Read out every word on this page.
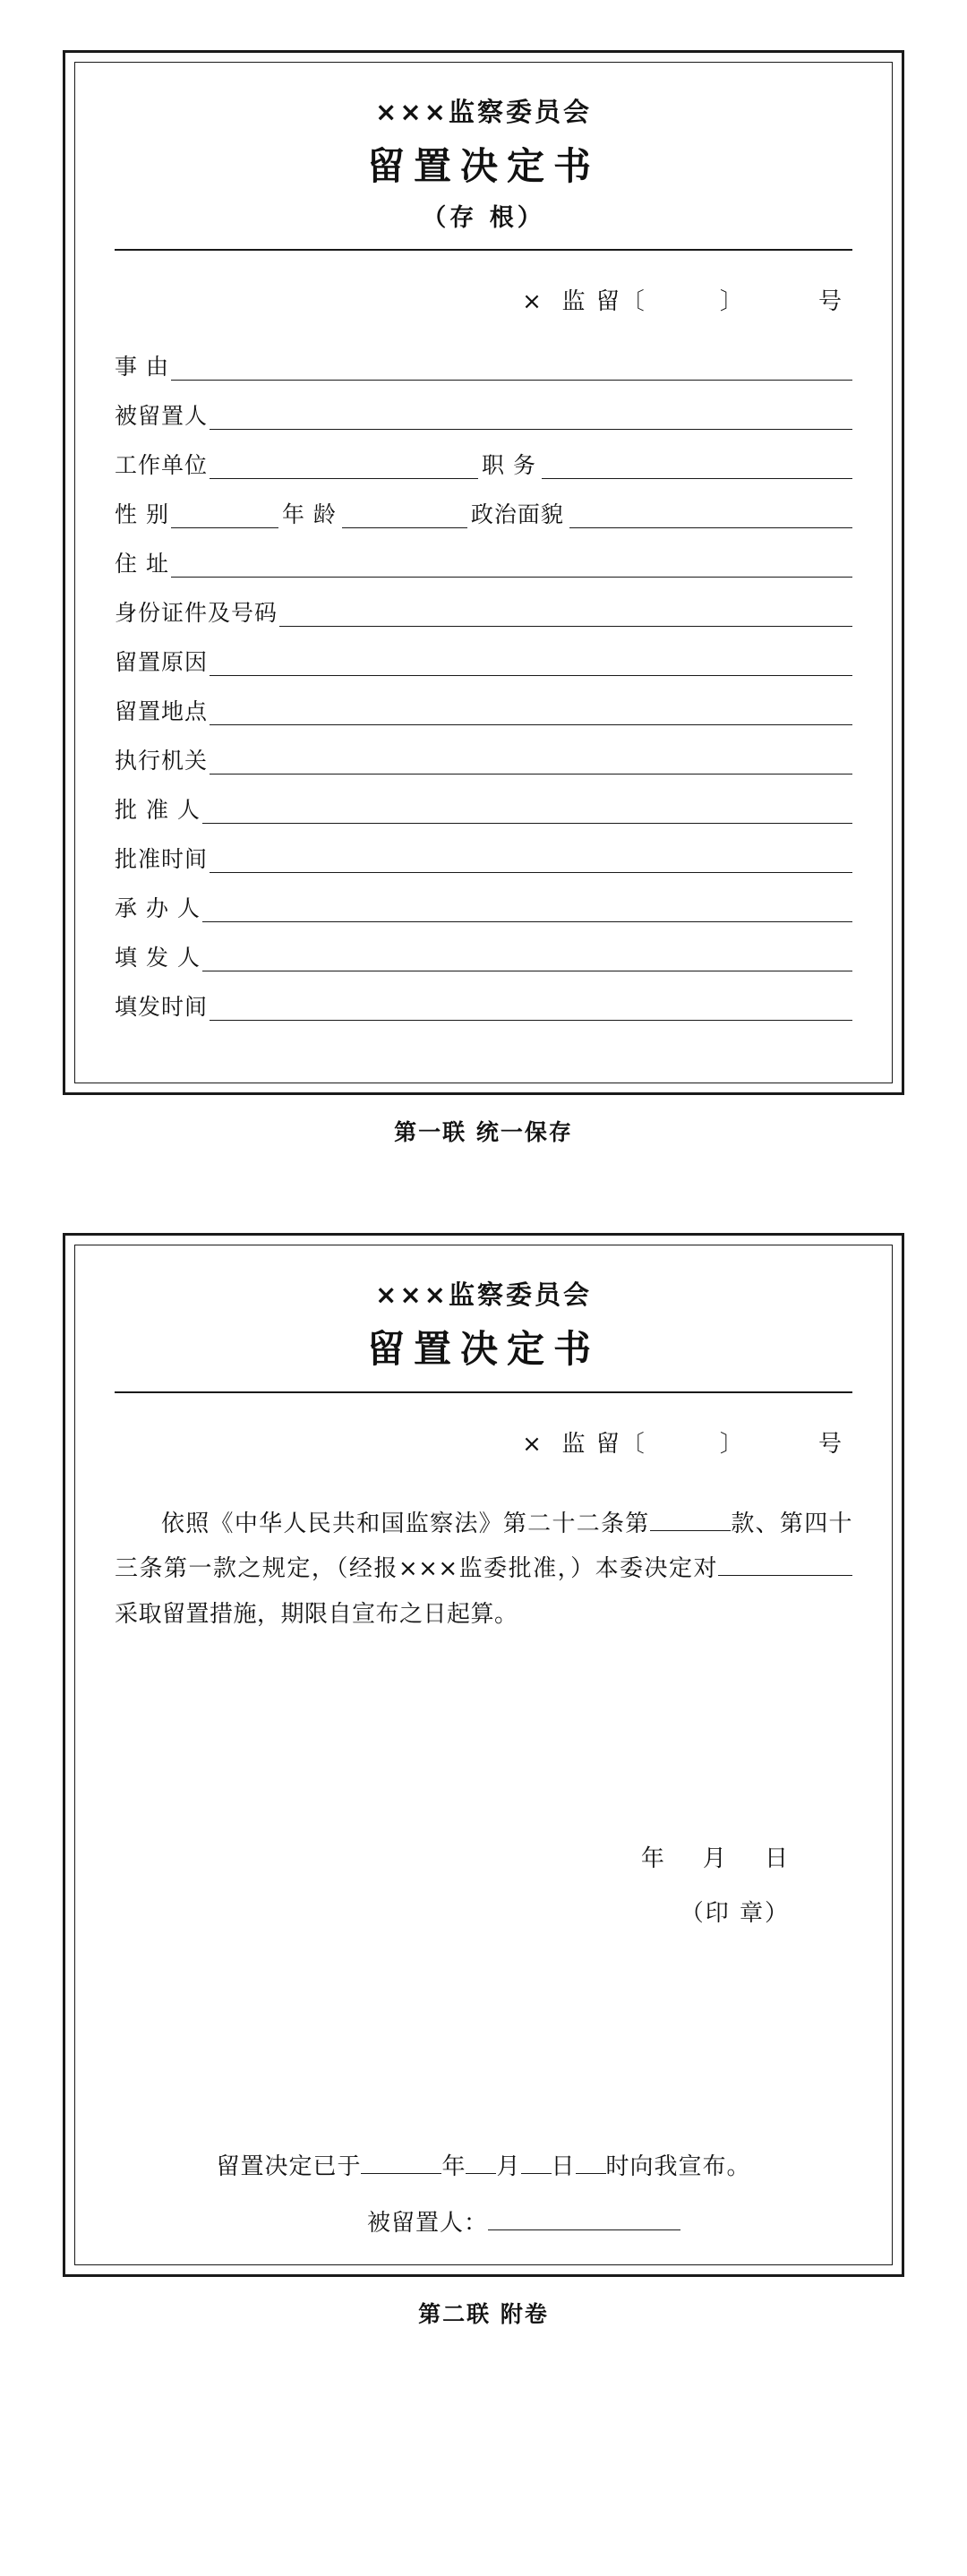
×××监察委员会
留置决定书
（存 根）
×  监 留〔        〕        号
事 由
被留置人
工作单位	职 务
性 别	年 龄	政治面貌
住 址
身份证件及号码
留置原因
留置地点
执行机关
批 准 人
批准时间
承 办 人
填 发 人
填发时间
第一联 统一保存
×××监察委员会
留置决定书
×  监 留〔        〕        号
依照《中华人民共和国监察法》第二十二条第	款、第四十三条第一款之规定，（经报×××监委批准，）本委决定对采取留置措施，期限自宣布之日起算。
年    月    日
（印 章）
留置决定已于	年 月 日 时向我宣布。
被留置人：
第二联 附卷
